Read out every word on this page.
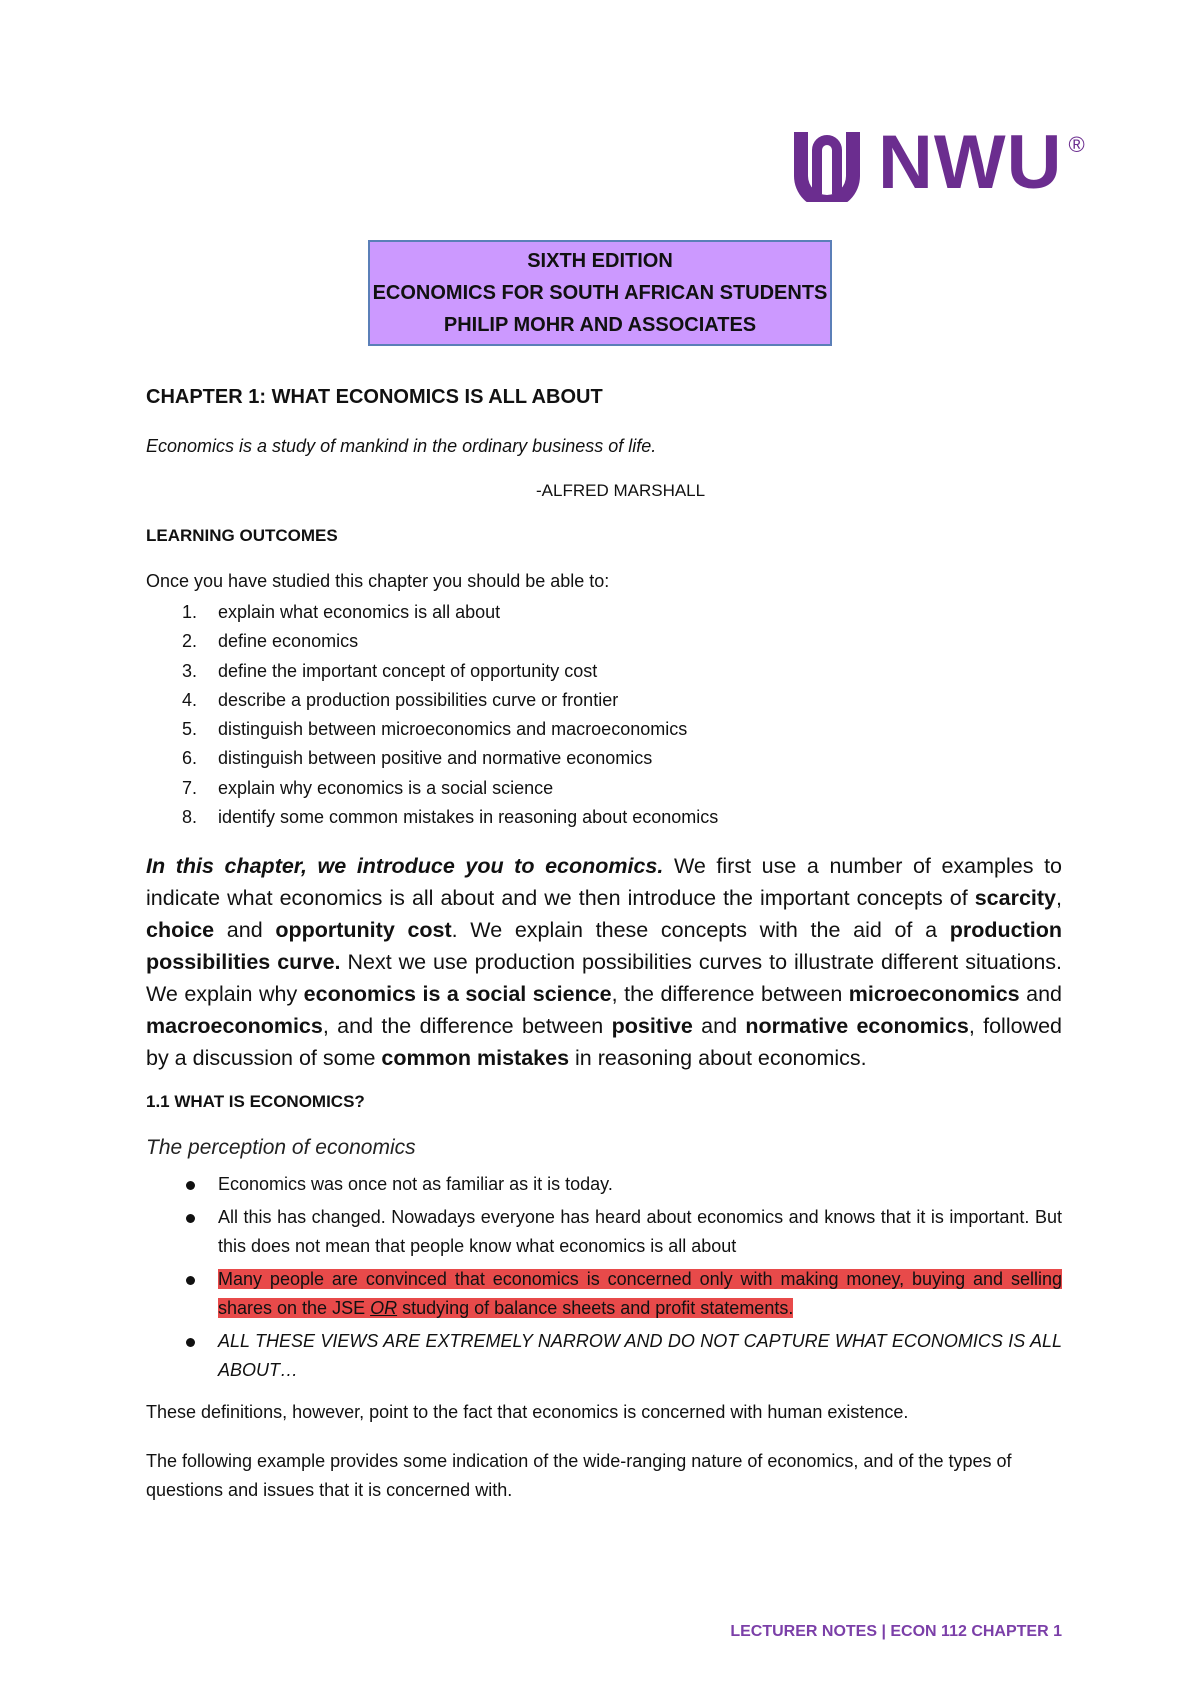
NWU ®
SIXTH EDITION
ECONOMICS FOR SOUTH AFRICAN STUDENTS
PHILIP MOHR AND ASSOCIATES
CHAPTER 1: WHAT ECONOMICS IS ALL ABOUT
Economics is a study of mankind in the ordinary business of life.
-ALFRED MARSHALL
LEARNING OUTCOMES
Once you have studied this chapter you should be able to:
1.	explain what economics is all about
2.	define economics
3.	define the important concept of opportunity cost
4.	describe a production possibilities curve or frontier
5.	distinguish between microeconomics and macroeconomics
6.	distinguish between positive and normative economics
7.	explain why economics is a social science
8.	identify some common mistakes in reasoning about economics
In this chapter, we introduce you to economics. We first use a number of examples to indicate what economics is all about and we then introduce the important concepts of scarcity, choice and opportunity cost. We explain these concepts with the aid of a production possibilities curve. Next we use production possibilities curves to illustrate different situations. We explain why economics is a social science, the difference between microeconomics and macroeconomics, and the difference between positive and normative economics, followed by a discussion of some common mistakes in reasoning about economics.
1.1 WHAT IS ECONOMICS?
The perception of economics
Economics was once not as familiar as it is today.
All this has changed. Nowadays everyone has heard about economics and knows that it is important. But this does not mean that people know what economics is all about
Many people are convinced that economics is concerned only with making money, buying and selling shares on the JSE OR studying of balance sheets and profit statements.
ALL THESE VIEWS ARE EXTREMELY NARROW AND DO NOT CAPTURE WHAT ECONOMICS IS ALL ABOUT…
These definitions, however, point to the fact that economics is concerned with human existence.
The following example provides some indication of the wide-ranging nature of economics, and of the types of questions and issues that it is concerned with.
LECTURER NOTES | ECON 112 CHAPTER 1
